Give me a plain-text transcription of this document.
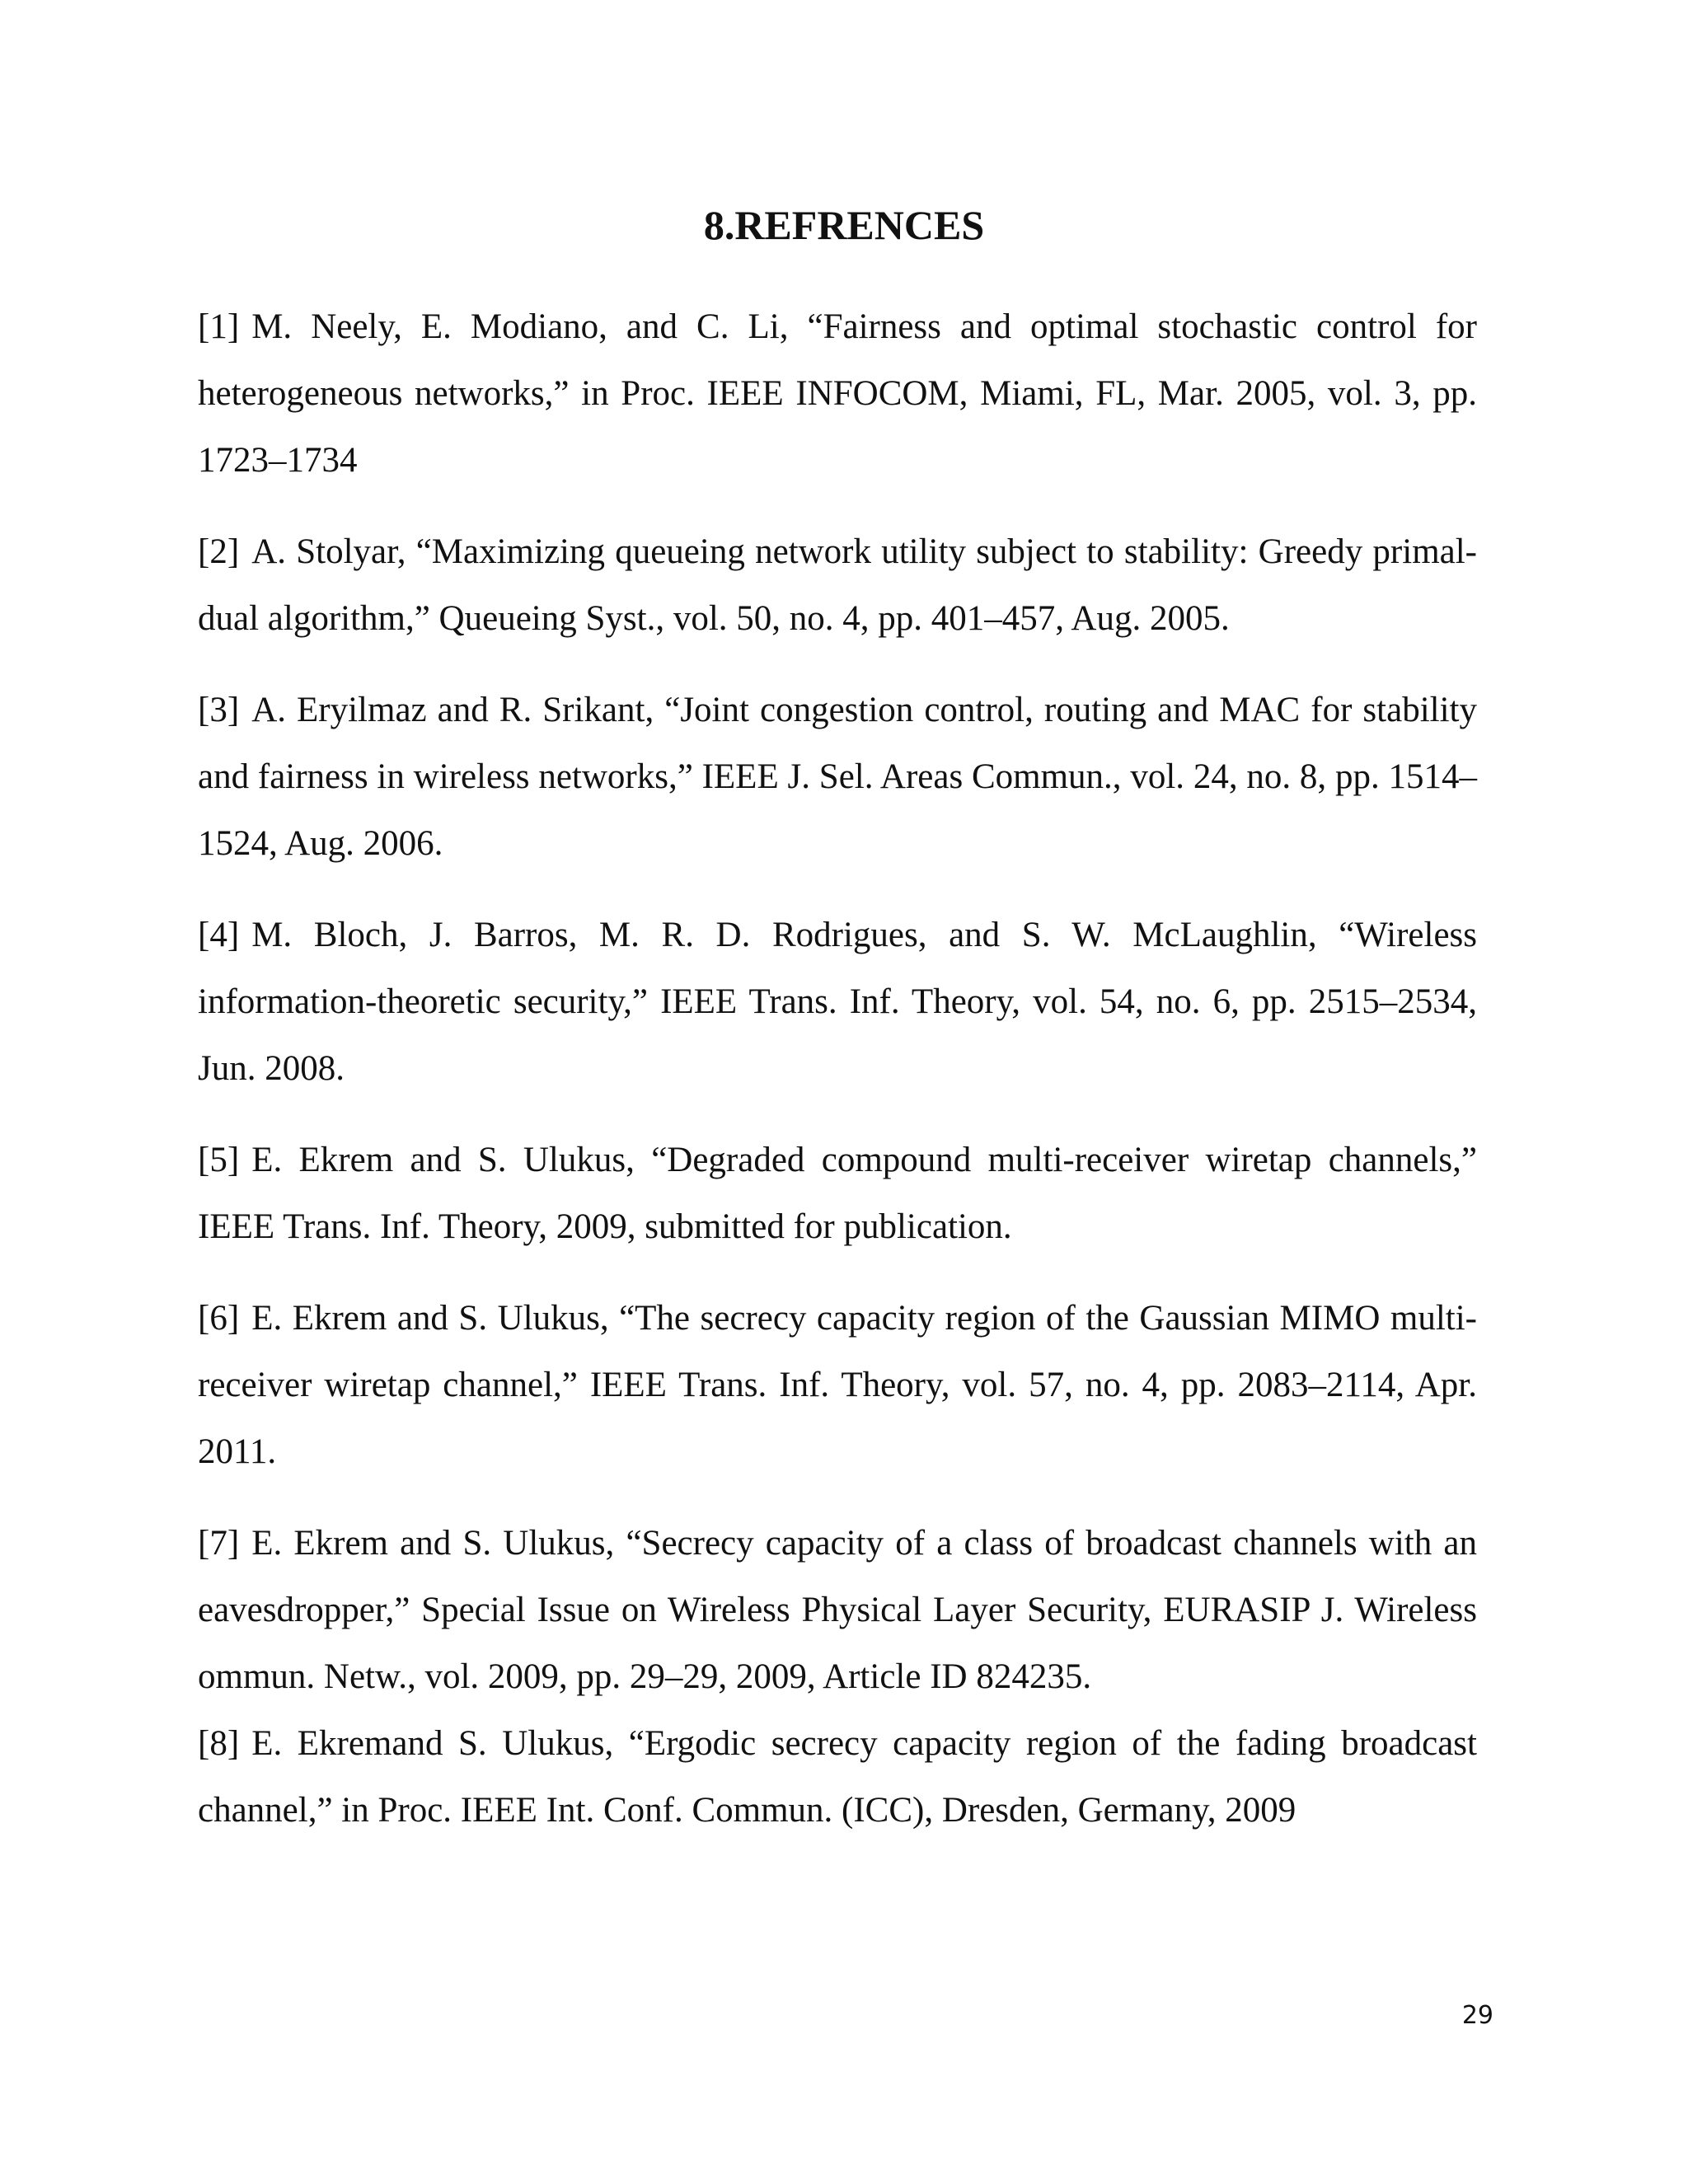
8.REFRENCES

[1] M. Neely, E. Modiano, and C. Li, “Fairness and optimal stochastic control for heterogeneous networks,” in Proc. IEEE INFOCOM, Miami, FL, Mar. 2005, vol. 3, pp. 1723–1734

[2] A. Stolyar, “Maximizing queueing network utility subject to stability: Greedy primal-dual algorithm,” Queueing Syst., vol. 50, no. 4, pp. 401–457, Aug. 2005.

[3] A. Eryilmaz and R. Srikant, “Joint congestion control, routing and MAC for stability and fairness in wireless networks,” IEEE J. Sel. Areas Commun., vol. 24, no. 8, pp. 1514–1524, Aug. 2006.

[4] M. Bloch, J. Barros, M. R. D. Rodrigues, and S. W. McLaughlin, “Wireless information-theoretic security,” IEEE Trans. Inf. Theory, vol. 54, no. 6, pp. 2515–2534, Jun. 2008.

[5] E. Ekrem and S. Ulukus, “Degraded compound multi-receiver wiretap channels,” IEEE Trans. Inf. Theory, 2009, submitted for publication.

[6] E. Ekrem and S. Ulukus, “The secrecy capacity region of the Gaussian MIMO multi-receiver wiretap channel,” IEEE Trans. Inf. Theory, vol. 57, no. 4, pp. 2083–2114, Apr. 2011.

[7] E. Ekrem and S. Ulukus, “Secrecy capacity of a class of broadcast channels with an eavesdropper,” Special Issue on Wireless Physical Layer Security, EURASIP J. Wireless ommun. Netw., vol. 2009, pp. 29–29, 2009, Article ID 824235.

[8] E. Ekremand S. Ulukus, “Ergodic secrecy capacity region of the fading broadcast channel,” in Proc. IEEE Int. Conf. Commun. (ICC), Dresden, Germany, 2009

29
